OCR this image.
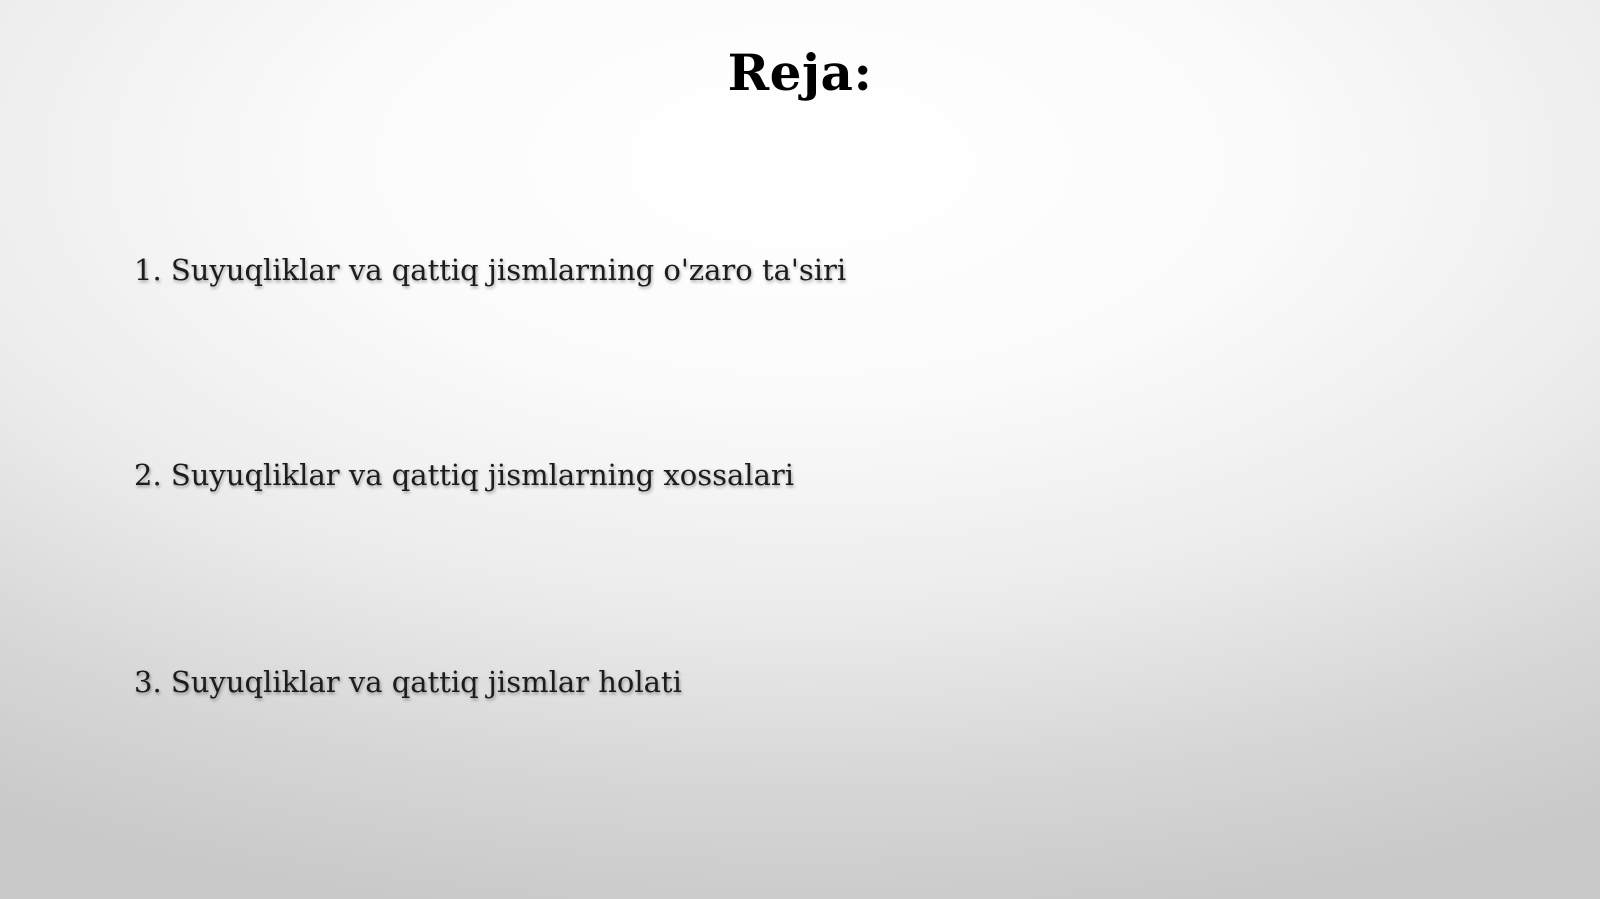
Reja:
1. Suyuqliklar va qattiq jismlarning o'zaro ta'siri
2. Suyuqliklar va qattiq jismlarning xossalari
3. Suyuqliklar va qattiq jismlar holati
